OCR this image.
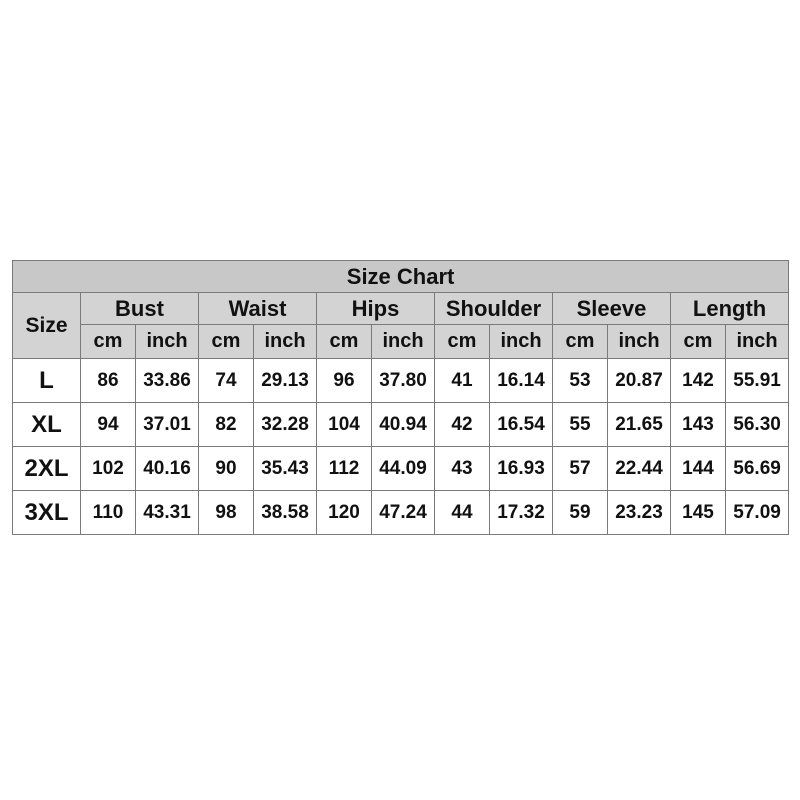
Size Chart												
Size	Bust		Waist		Hips		Shoulder		Sleeve		Length	
	cm	inch	cm	inch	cm	inch	cm	inch	cm	inch	cm	inch
L	86	33.86	74	29.13	96	37.80	41	16.14	53	20.87	142	55.91
XL	94	37.01	82	32.28	104	40.94	42	16.54	55	21.65	143	56.30
2XL	102	40.16	90	35.43	112	44.09	43	16.93	57	22.44	144	56.69
3XL	110	43.31	98	38.58	120	47.24	44	17.32	59	23.23	145	57.09
